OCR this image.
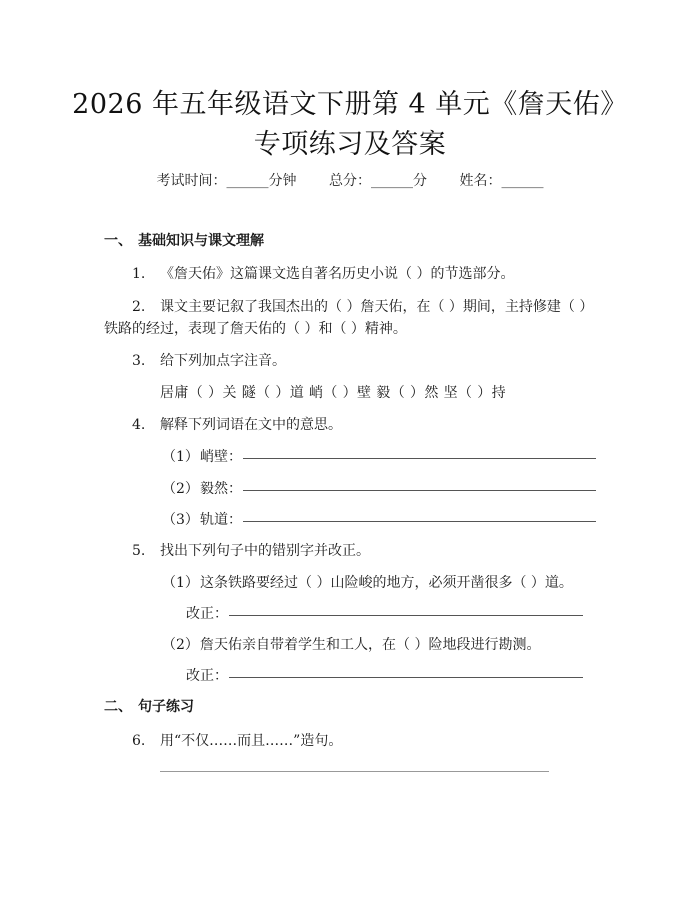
2026 年五年级语文下册第 4 单元《詹天佑》
专项练习及答案
考试时间：______分钟 总分：______分 姓名：______
一、 基础知识与课文理解
1. 《詹天佑》这篇课文选自著名历史小说（ ）的节选部分。
2. 课文主要记叙了我国杰出的（ ）詹天佑，在（ ）期间，主持修建（ ）
铁路的经过，表现了詹天佑的（ ）和（ ）精神。
3. 给下列加点字注音。
居庸（ ）关 隧（ ）道 峭（ ）壁 毅（ ）然 坚（ ）持
4. 解释下列词语在文中的意思。
（1）峭壁：
（2）毅然：
（3）轨道：
5. 找出下列句子中的错别字并改正。
（1）这条铁路要经过（ ）山险峻的地方，必须开凿很多（ ）道。
改正：
（2）詹天佑亲自带着学生和工人，在（ ）险地段进行勘测。
改正：
二、 句子练习
6. 用“不仅……而且……”造句。
